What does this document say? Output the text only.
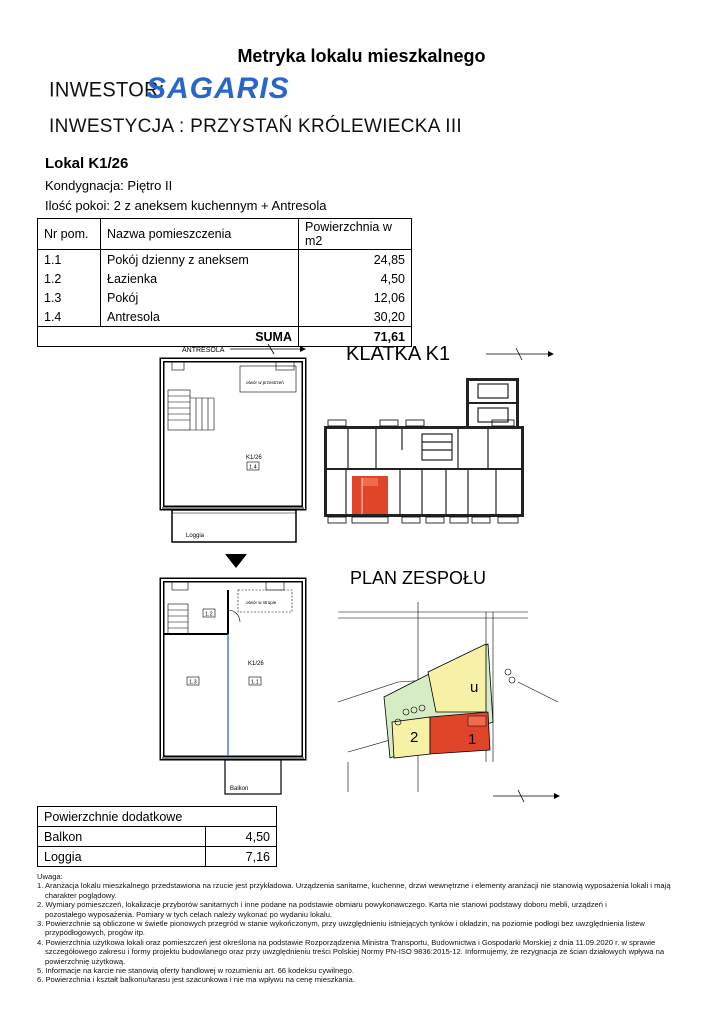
Metryka lokalu mieszkalnego
INWESTOR:
SAGARIS
INWESTYCJA : PRZYSTAŃ KRÓLEWIECKA III
Lokal K1/26
Kondygnacja: Piętro II
Ilość pokoi: 2 z aneksem kuchennym + Antresola
Nr pom.	Nazwa pomieszczenia	Powierzchnia w m2
1.1	Pokój dzienny z aneksem	24,85
1.2	Łazienka	4,50
1.3	Pokój	12,06
1.4	Antresola	30,20
SUMA		71,61
ANTRESOLA
otwór w przestrzeń
K1/26
1.4
Loggia
otwór w stropie
1.2
K1/26
1.1
1.3
Balkon
KLATKA K1
PLAN ZESPOŁU
u
2	1
Powierzchnie dodatkowe	
Balkon	4,50
Loggia	7,16
Uwaga:
1. Aranżacja lokalu mieszkalnego przedstawiona na rzucie jest przykładowa. Urządzenia sanitarne, kuchenne, drzwi wewnętrzne i elementy aranżacji nie stanowią wyposażenia lokali i mają
charakter poglądowy.
2. Wymiary pomieszczeń, lokalizacje przyborów sanitarnych i inne podane na podstawie obmiaru powykonawczego. Karta nie stanowi podstawy doboru mebli, urządzeń i
pozostałego wyposażenia. Pomiary w tych celach należy wykonać po wydaniu lokalu.
3. Powierzchnie są obliczone w świetle pionowych przegród w stanie wykończonym, przy uwzględnieniu istniejących tynków i okładzin, na poziomie podłogi bez uwzględnienia listew
przypodłogowych, progów itp.
4. Powierzchnia użytkowa lokali oraz pomieszczeń jest określona na podstawie Rozporządzenia Ministra Transportu, Budownictwa i Gospodarki Morskiej z dnia 11.09.2020 r. w sprawie
szczegółowego zakresu i formy projektu budowlanego oraz przy uwzględnieniu treści Polskiej Normy PN-ISO 9836:2015-12. Informujemy, że rezygnacja ze ścian działowych wpływa na
powierzchnię użytkową.
5. Informacje na karcie nie stanowią oferty handlowej w rozumieniu art. 66 kodeksu cywilnego.
6. Powierzchnia i kształt balkonu/tarasu jest szacunkowa i nie ma wpływu na cenę mieszkania.
